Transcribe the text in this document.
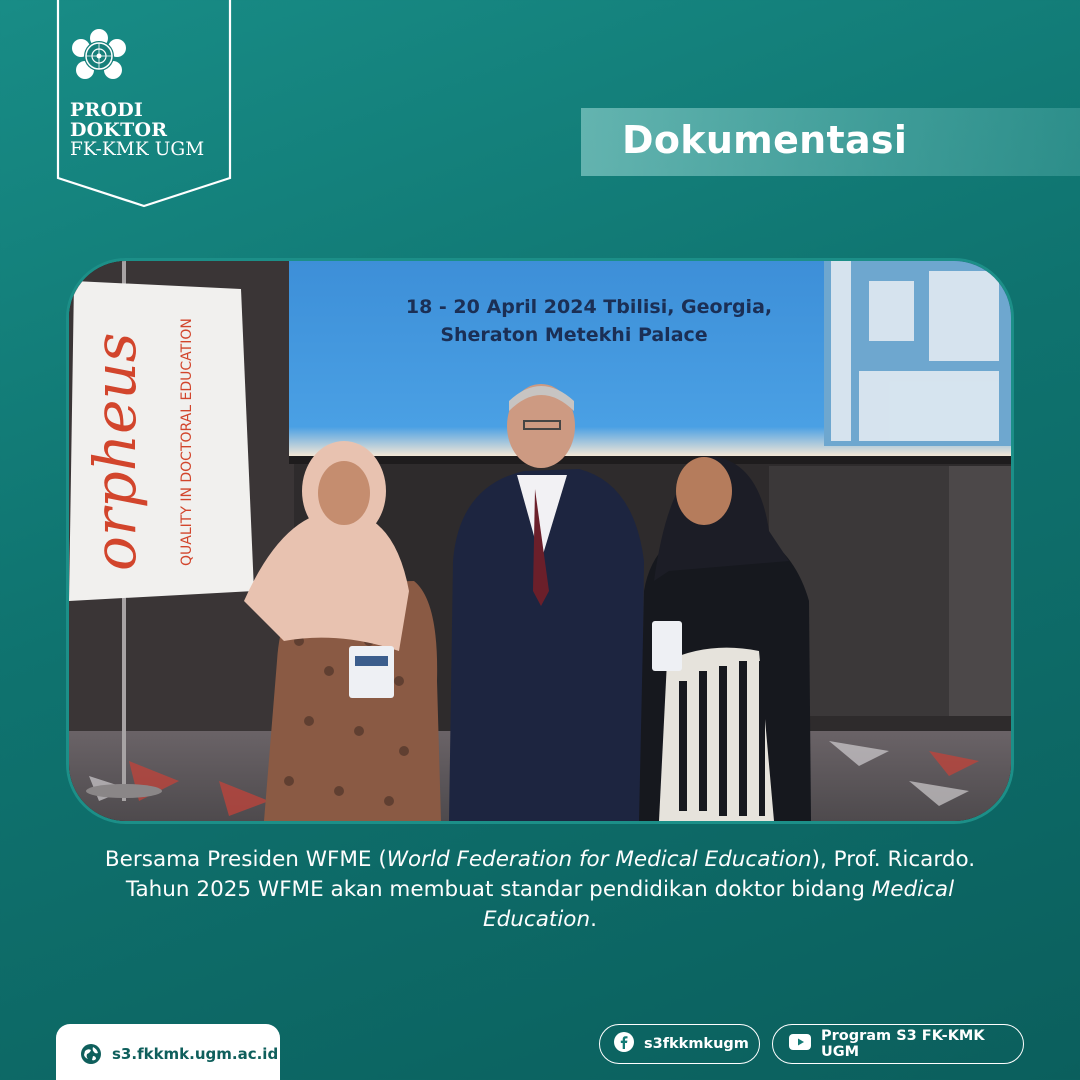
PRODI
DOKTOR
FK-KMK UGM	Dokumentasi
18 - 20 April 2024 Tbilisi, Georgia,
Sheraton Metekhi Palace
orpheus QUALITY IN DOCTORAL EDUCATION

Bersama Presiden WFME (World Federation for Medical Education), Prof. Ricardo. Tahun 2025 WFME akan membuat standar pendidikan doktor bidang Medical Education.

s3.fkkmk.ugm.ac.id
s3fkkmkugm	Program S3 FK-KMK UGM
